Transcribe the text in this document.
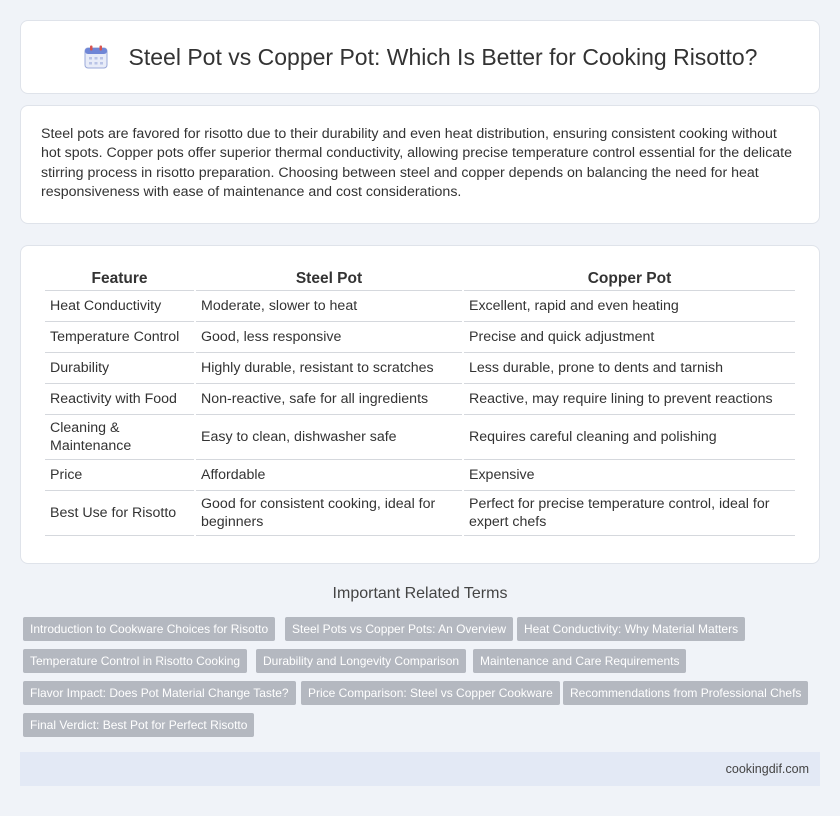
Steel Pot vs Copper Pot: Which Is Better for Cooking Risotto?

Steel pots are favored for risotto due to their durability and even heat distribution, ensuring consistent cooking without hot spots. Copper pots offer superior thermal conductivity, allowing precise temperature control essential for the delicate stirring process in risotto preparation. Choosing between steel and copper depends on balancing the need for heat responsiveness with ease of maintenance and cost considerations.

Feature	Steel Pot	Copper Pot
Heat Conductivity	Moderate, slower to heat	Excellent, rapid and even heating
Temperature Control	Good, less responsive	Precise and quick adjustment
Durability	Highly durable, resistant to scratches	Less durable, prone to dents and tarnish
Reactivity with Food	Non-reactive, safe for all ingredients	Reactive, may require lining to prevent reactions
Cleaning & Maintenance	Easy to clean, dishwasher safe	Requires careful cleaning and polishing
Price	Affordable	Expensive
Best Use for Risotto	Good for consistent cooking, ideal for beginners	Perfect for precise temperature control, ideal for expert chefs
Important Related Terms
Introduction to Cookware Choices for Risotto	Steel Pots vs Copper Pots: An Overview	Heat Conductivity: Why Material Matters
Temperature Control in Risotto Cooking	Durability and Longevity Comparison	Maintenance and Care Requirements
Flavor Impact: Does Pot Material Change Taste?	Price Comparison: Steel vs Copper Cookware	Recommendations from Professional Chefs
Final Verdict: Best Pot for Perfect Risotto
cookingdif.com
